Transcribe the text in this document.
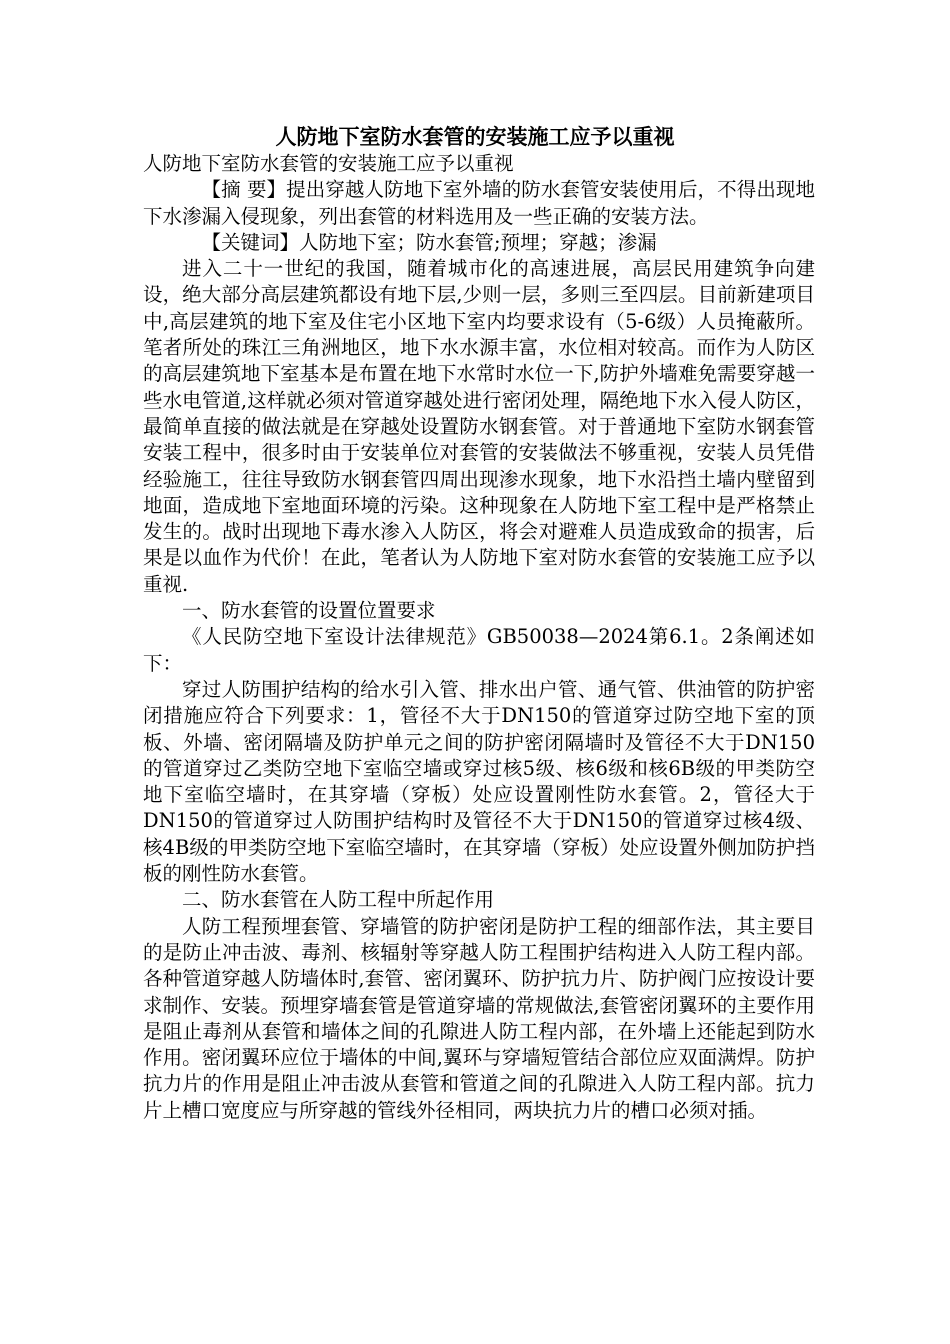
人防地下室防水套管的安装施工应予以重视

人防地下室防水套管的安装施工应予以重视

【摘 要】提出穿越人防地下室外墙的防水套管安装使用后，不得出现地下水渗漏入侵现象，列出套管的材料选用及一些正确的安装方法。

【关键词】人防地下室；防水套管;预埋；穿越；渗漏

进入二十一世纪的我国，随着城市化的高速进展，高层民用建筑争向建设，绝大部分高层建筑都设有地下层,少则一层，多则三至四层。目前新建项目中,高层建筑的地下室及住宅小区地下室内均要求设有（5-6级）人员掩蔽所。笔者所处的珠江三角洲地区，地下水水源丰富，水位相对较高。而作为人防区的高层建筑地下室基本是布置在地下水常时水位一下,防护外墙难免需要穿越一些水电管道,这样就必须对管道穿越处进行密闭处理，隔绝地下水入侵人防区，最简单直接的做法就是在穿越处设置防水钢套管。对于普通地下室防水钢套管安装工程中，很多时由于安装单位对套管的安装做法不够重视，安装人员凭借经验施工，往往导致防水钢套管四周出现渗水现象，地下水沿挡土墙内壁留到地面，造成地下室地面环境的污染。这种现象在人防地下室工程中是严格禁止发生的。战时出现地下毒水渗入人防区，将会对避难人员造成致命的损害，后果是以血作为代价！在此，笔者认为人防地下室对防水套管的安装施工应予以重视.

一、防水套管的设置位置要求

《人民防空地下室设计法律规范》GB50038—2024第6.1。2条阐述如下：

穿过人防围护结构的给水引入管、排水出户管、通气管、供油管的防护密闭措施应符合下列要求：1，管径不大于DN150的管道穿过防空地下室的顶板、外墙、密闭隔墙及防护单元之间的防护密闭隔墙时及管径不大于DN150的管道穿过乙类防空地下室临空墙或穿过核5级、核6级和核6B级的甲类防空地下室临空墙时，在其穿墙（穿板）处应设置刚性防水套管。2，管径大于DN150的管道穿过人防围护结构时及管径不大于DN150的管道穿过核4级、核4B级的甲类防空地下室临空墙时，在其穿墙（穿板）处应设置外侧加防护挡板的刚性防水套管。

二、防水套管在人防工程中所起作用

人防工程预埋套管、穿墙管的防护密闭是防护工程的细部作法，其主要目的是防止冲击波、毒剂、核辐射等穿越人防工程围护结构进入人防工程内部。各种管道穿越人防墙体时,套管、密闭翼环、防护抗力片、防护阀门应按设计要求制作、安装。预埋穿墙套管是管道穿墙的常规做法,套管密闭翼环的主要作用是阻止毒剂从套管和墙体之间的孔隙进人防工程内部，在外墙上还能起到防水作用。密闭翼环应位于墙体的中间,翼环与穿墙短管结合部位应双面满焊。防护抗力片的作用是阻止冲击波从套管和管道之间的孔隙进入人防工程内部。抗力片上槽口宽度应与所穿越的管线外径相同，两块抗力片的槽口必须对插。
